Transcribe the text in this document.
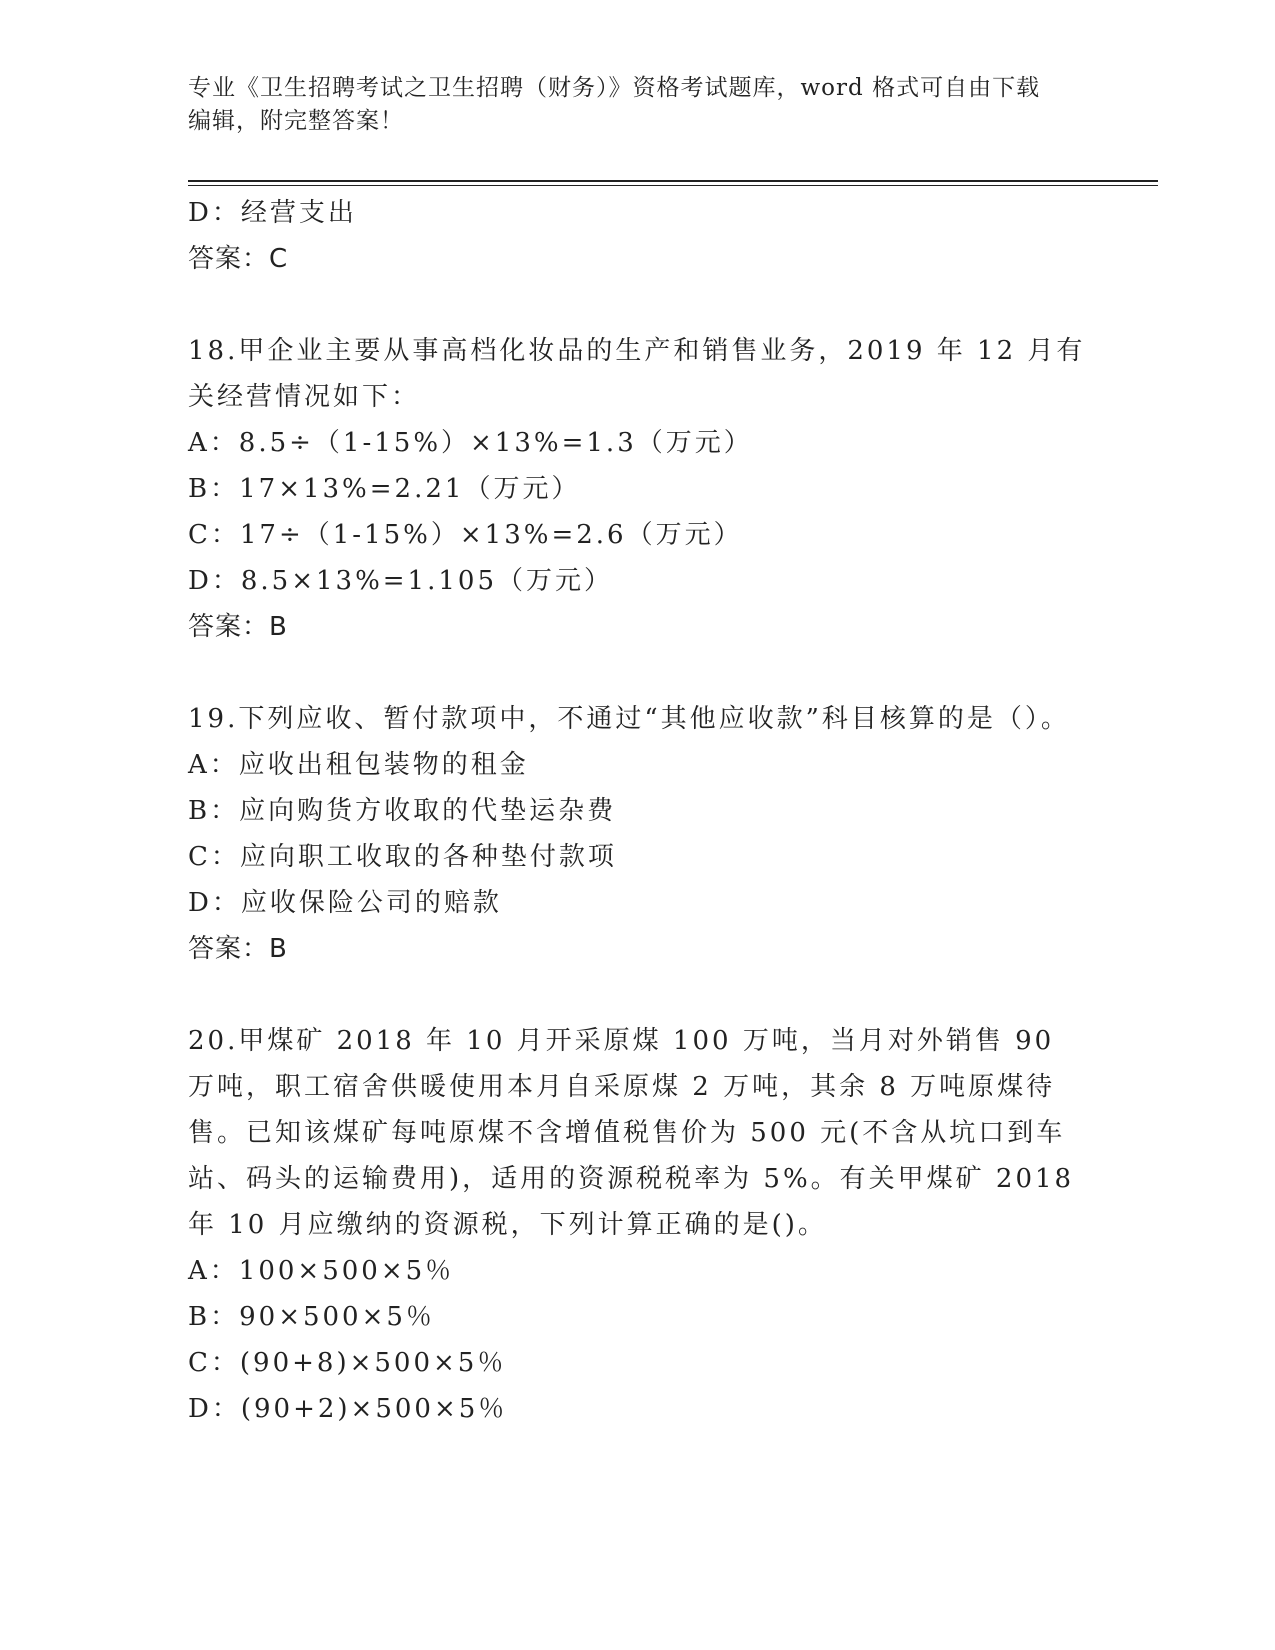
专业《卫生招聘考试之卫生招聘（财务）》资格考试题库，word 格式可自由下载
编辑，附完整答案！
D：经营支出
答案：C
18.甲企业主要从事高档化妆品的生产和销售业务，2019 年 12 月有关经营情况如下：
A：8.5÷（1-15%）×13%=1.3（万元）
B：17×13%=2.21（万元）
C：17÷（1-15%）×13%=2.6（万元）
D：8.5×13%=1.105（万元）
答案：B
19.下列应收、暂付款项中，不通过“其他应收款”科目核算的是（）。
A：应收出租包装物的租金
B：应向购货方收取的代垫运杂费
C：应向职工收取的各种垫付款项
D：应收保险公司的赔款
答案：B
20.甲煤矿 2018 年 10 月开采原煤 100 万吨，当月对外销售 90 万吨，职工宿舍供暖使用本月自采原煤 2 万吨，其余 8 万吨原煤待售。已知该煤矿每吨原煤不含增值税售价为 500 元(不含从坑口到车站、码头的运输费用)，适用的资源税税率为 5%。有关甲煤矿 2018 年 10 月应缴纳的资源税，下列计算正确的是()。
A：100×500×5％
B：90×500×5％
C：(90+8)×500×5％
D：(90+2)×500×5％
